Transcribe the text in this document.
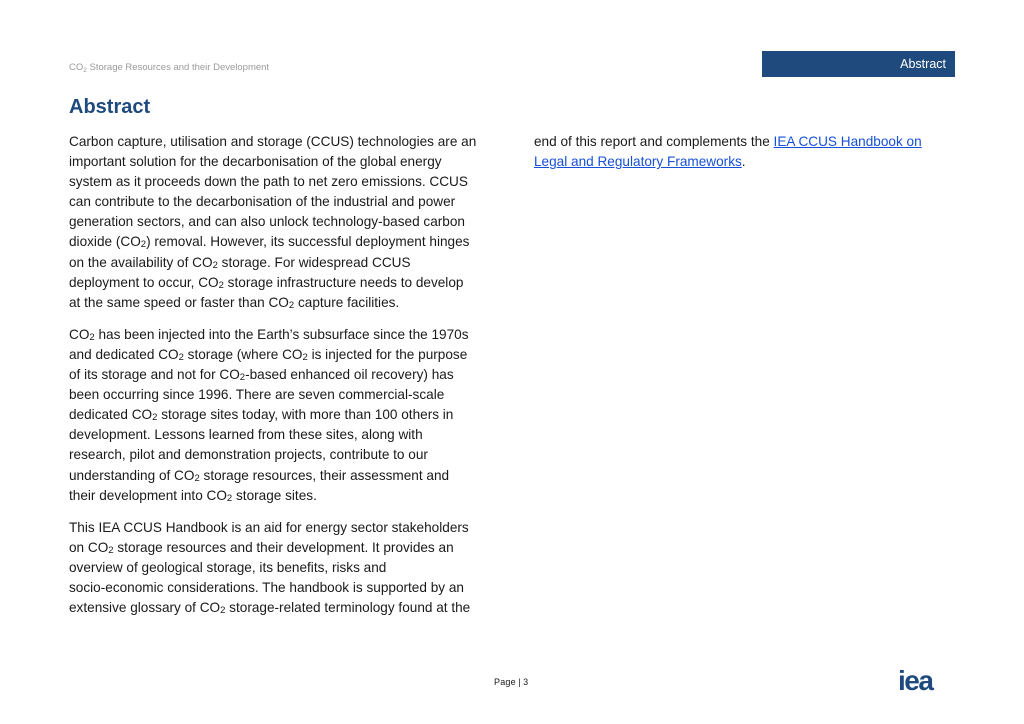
$CO_2$ Storage Resources and their Development	Abstract
Abstract

Carbon capture, utilisation and storage (CCUS) technologies are an
important solution for the decarbonisation of the global energy
system as it proceeds down the path to net zero emissions. CCUS
can contribute to the decarbonisation of the industrial and power
generation sectors, and can also unlock technology-based carbon
dioxide $(CO_2)$ removal. However, its successful deployment hinges
on the availability of $CO_2$ storage. For widespread CCUS
deployment to occur, $CO_2$ storage infrastructure needs to develop
at the same speed or faster than $CO_2$ capture facilities.

$CO_2$ has been injected into the Earth’s subsurface since the 1970s
and dedicated $CO_2$ storage (where $CO_2$ is injected for the purpose
of its storage and not for $CO_2$-based enhanced oil recovery) has
been occurring since 1996. There are seven commercial-scale
dedicated $CO_2$ storage sites today, with more than 100 others in
development. Lessons learned from these sites, along with
research, pilot and demonstration projects, contribute to our
understanding of $CO_2$ storage resources, their assessment and
their development into $CO_2$ storage sites.

This IEA CCUS Handbook is an aid for energy sector stakeholders
on $CO_2$ storage resources and their development. It provides an
overview of geological storage, its benefits, risks and
socio-economic considerations. The handbook is supported by an
extensive glossary of $CO_2$ storage-related terminology found at the

end of this report and complements the IEA CCUS Handbook on
Legal and Regulatory Frameworks.

Page | 3	iea
